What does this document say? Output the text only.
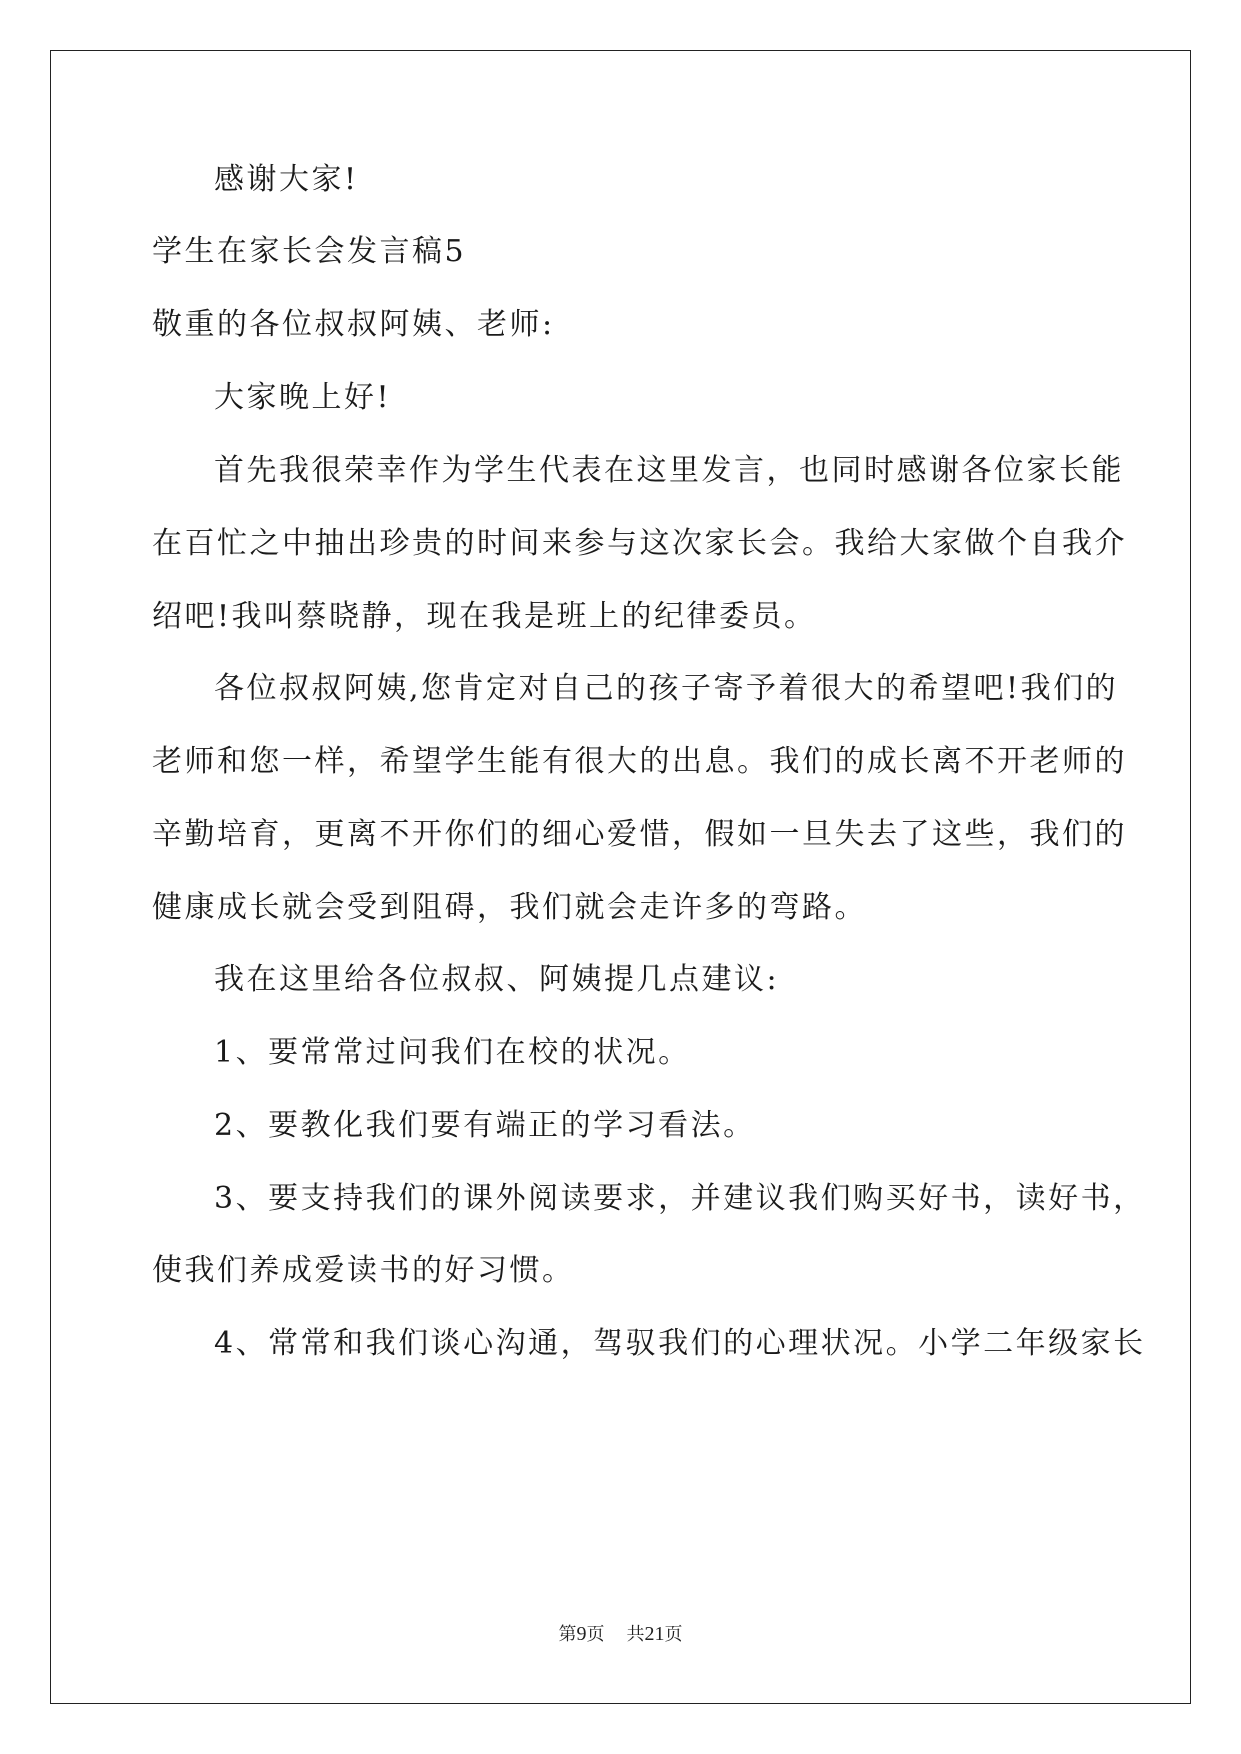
感谢大家!
学生在家长会发言稿5
敬重的各位叔叔阿姨、老师:
大家晚上好!
首先我很荣幸作为学生代表在这里发言，也同时感谢各位家长能
在百忙之中抽出珍贵的时间来参与这次家长会。我给大家做个自我介
绍吧!我叫蔡晓静，现在我是班上的纪律委员。
各位叔叔阿姨,您肯定对自己的孩子寄予着很大的希望吧!我们的
老师和您一样，希望学生能有很大的出息。我们的成长离不开老师的
辛勤培育，更离不开你们的细心爱惜，假如一旦失去了这些，我们的
健康成长就会受到阻碍，我们就会走许多的弯路。
我在这里给各位叔叔、阿姨提几点建议:
1、要常常过问我们在校的状况。
2、要教化我们要有端正的学习看法。
3、要支持我们的课外阅读要求，并建议我们购买好书，读好书，
使我们养成爱读书的好习惯。
4、常常和我们谈心沟通，驾驭我们的心理状况。小学二年级家长
第9页 共21页
